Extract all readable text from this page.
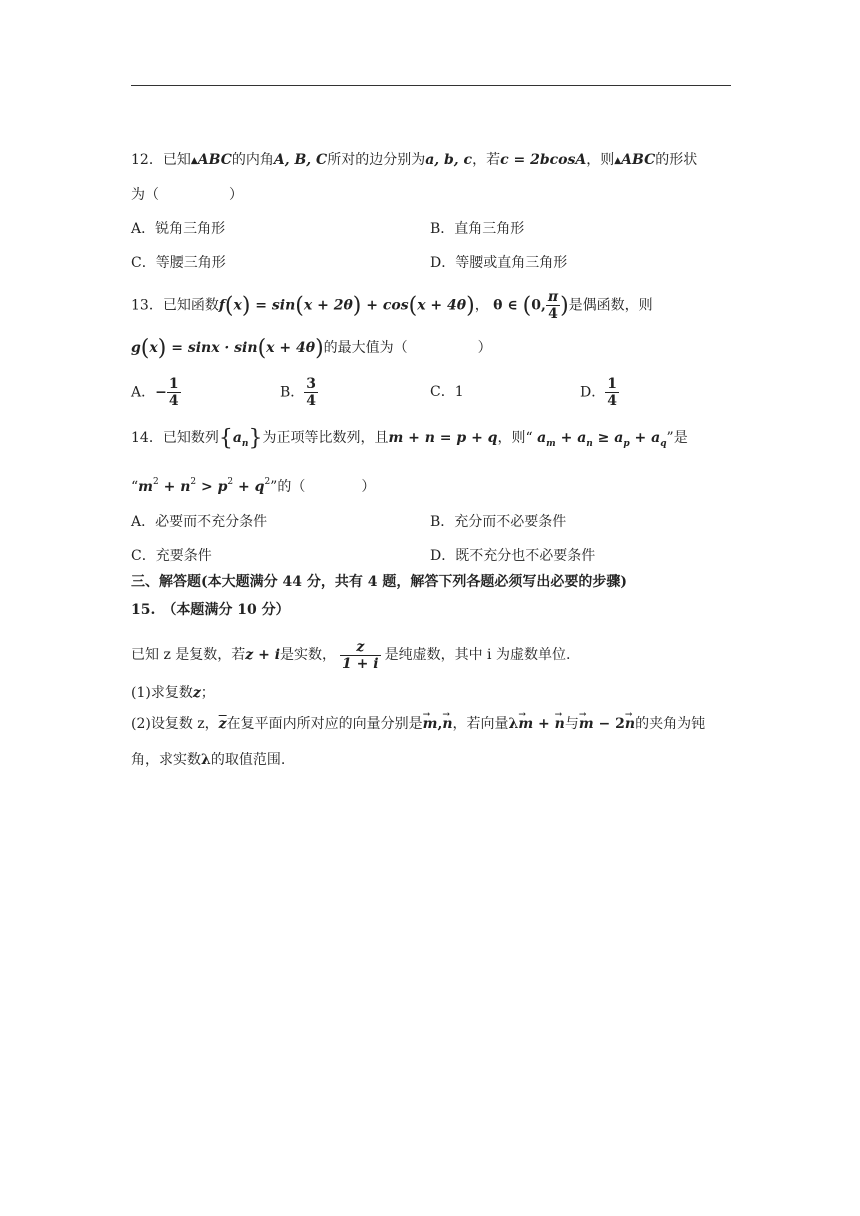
12．已知▲ABC的内角A, B, C所对的边分别为a, b, c，若c = 2bcosA，则▲ABC的形状
为（　　　　　）
A．锐角三角形	B．直角三角形
C．等腰三角形	D．等腰或直角三角形
13．已知函数f(x) = sin(x + 2θ) + cos(x + 4θ)， θ ∈ (0, $\frac{\pi}{4}$ )是偶函数，则
g(x) = sinx · sin(x + 4θ)的最大值为（　　　　　）
A．− $\frac{1}{4}$	B． $\frac{3}{4}$	C．1	D． $\frac{1}{4}$
14．已知数列$\{a_n\}$为正项等比数列，且m + n = p + q，则“ $a_m + a_n \ge a_p + a_q$”是
“$m^2 + n^2 > p^2 + q^2$”的（　　　　）
A．必要而不充分条件	B．充分而不必要条件
C．充要条件	D．既不充分也不必要条件
三、解答题(本大题满分 44 分，共有 4 题，解答下列各题必须写出必要的步骤)
15.　（本题满分 10 分）
已知 z 是复数，若z + i是实数， $\frac{z}{1 + i}$ 是纯虚数，其中 i 为虚数单位.
(1)求复数z；
(2)设复数 z，$\overline{z}$在复平面内所对应的向量分别是→ m,→ n，若向量λ→ m + → n与→ m − 2→ n的夹角为钝
角，求实数λ的取值范围.
